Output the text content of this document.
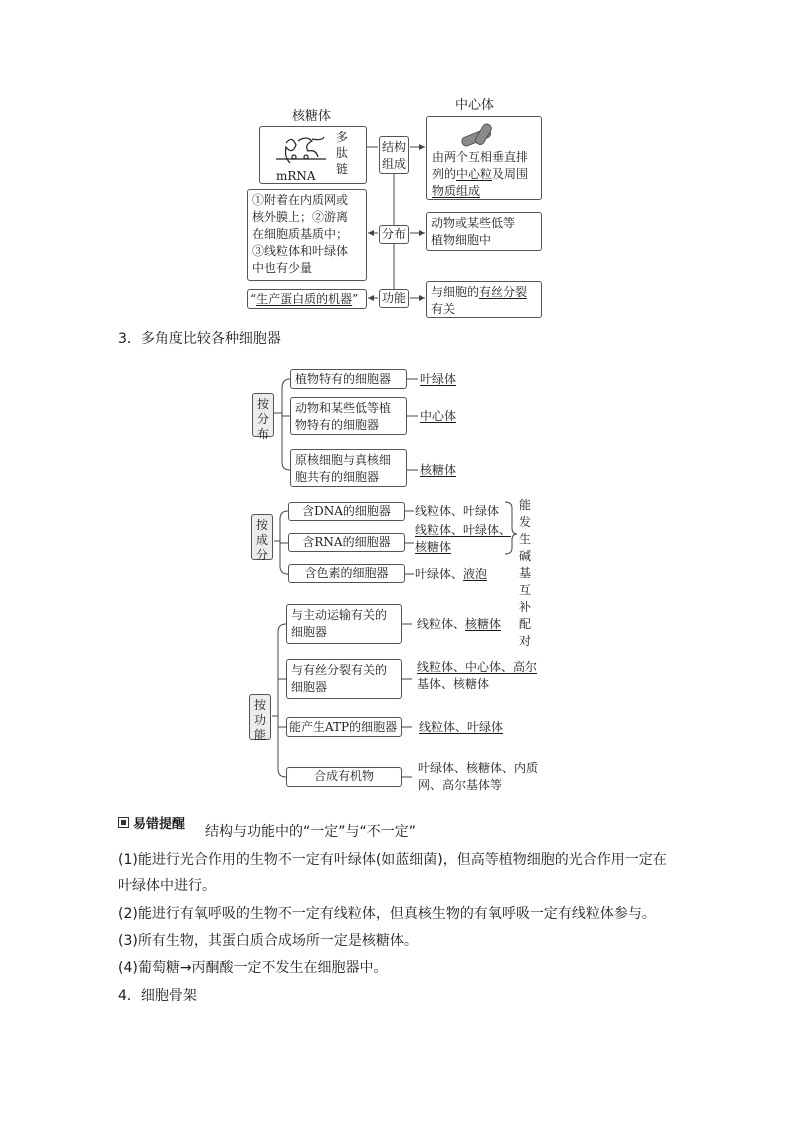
核糖体
mRNA
多肽链
中心体
由两个互相垂直排
列的中心粒及周围
物质组成
结构组成
①附着在内质网或
核外膜上；②游离
在细胞质基质中；
③线粒体和叶绿体
中也有少量
分布
动物或某些低等
植物细胞中
“生产蛋白质的机器”	功能 与细胞的有丝分裂
有关
3．多角度比较各种细胞器
按分布
植物特有的细胞器	叶绿体
动物和某些低等植
物特有的细胞器
中心体
原核细胞与真核细
胞共有的细胞器	核糖体
按成分
含DNA的细胞器	线粒体、叶绿体
含RNA的细胞器
线粒体、叶绿体、
核糖体
含色素的细胞器	叶绿体、液泡
能发
生碱
基互
补配
对
按功能
与主动运输有关的
细胞器
线粒体、核糖体
与有丝分裂有关的
细胞器
线粒体、中心体、高尔
基体、核糖体
能产生ATP的细胞器	线粒体、叶绿体
合成有机物
叶绿体、核糖体、内质
网、高尔基体等
易错提醒 结构与功能中的“一定”与“不一定”
(1)能进行光合作用的生物不一定有叶绿体(如蓝细菌)，但高等植物细胞的光合作用一定在叶绿体中进行。
(2)能进行有氧呼吸的生物不一定有线粒体，但真核生物的有氧呼吸一定有线粒体参与。
(3)所有生物，其蛋白质合成场所一定是核糖体。
(4)葡萄糖→丙酮酸一定不发生在细胞器中。
4．细胞骨架
